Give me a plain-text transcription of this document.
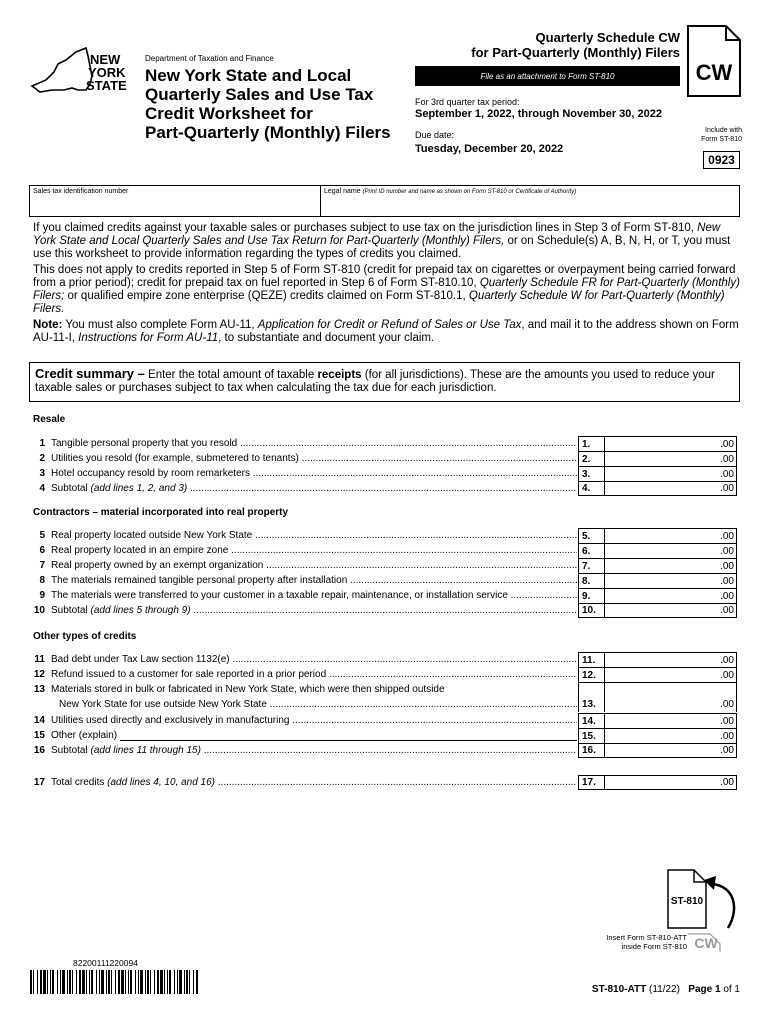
NEW
YORK
STATE
Department of Taxation and Finance
New York State and Local
Quarterly Sales and Use Tax
Credit Worksheet for
Part-Quarterly (Monthly) Filers
Quarterly Schedule CW
for Part-Quarterly (Monthly) Filers
CW
File as an attachment to Form ST-810
For 3rd quarter tax period:
September 1, 2022, through November 30, 2022
Due date:
Tuesday, December 20, 2022
Include with
Form ST-810
0923
Sales tax identification number	Legal name (Print ID number and name as shown on Form ST-810 or Certificate of Authority)

If you claimed credits against your taxable sales or purchases subject to use tax on the jurisdiction lines in Step 3 of Form ST-810, New York State and Local Quarterly Sales and Use Tax Return for Part-Quarterly (Monthly) Filers, or on Schedule(s) A, B, N, H, or T, you must use this worksheet to provide information regarding the types of credits you claimed.

This does not apply to credits reported in Step 5 of Form ST-810 (credit for prepaid tax on cigarettes or overpayment being carried forward from a prior period); credit for prepaid tax on fuel reported in Step 6 of Form ST-810.10, Quarterly Schedule FR for Part-Quarterly (Monthly) Filers; or qualified empire zone enterprise (QEZE) credits claimed on Form ST-810.1, Quarterly Schedule W for Part-Quarterly (Monthly) Filers.

Note: You must also complete Form AU-11, Application for Credit or Refund of Sales or Use Tax, and mail it to the address shown on Form AU-11-I, Instructions for Form AU-11, to substantiate and document your claim.

Credit summary – Enter the total amount of taxable receipts (for all jurisdictions). These are the amounts you used to reduce your taxable sales or purchases subject to tax when calculating the tax due for each jurisdiction.
Resale
Contractors – material incorporated into real property
Other types of credits
1 Tangible personal property that you resold .....	1.	.00
2 Utilities you resold (for example, submetered to tenants) .....	2.	.00
3 Hotel occupancy resold by room remarketers .....	3.	.00
4 Subtotal (add lines 1, 2, and 3) .....	4.	.00
5 Real property located outside New York State .....	5.	.00
6 Real property located in an empire zone .....	6.	.00
7 Real property owned by an exempt organization .....	7.	.00
8 The materials remained tangible personal property after installation .....	8.	.00
9 The materials were transferred to your customer in a taxable repair, maintenance, or installation service .....	9.	.00
10 Subtotal (add lines 5 through 9) .....	10.	.00
11 Bad debt under Tax Law section 1132(e) .....	11.	.00
12 Refund issued to a customer for sale reported in a prior period .....	12.	.00
13 Materials stored in bulk or fabricated in New York State, which were then shipped outside
New York State for use outside New York State .....	13.	.00
14 Utilities used directly and exclusively in manufacturing .....	14.	.00
15 Other (explain)	15.	.00
16 Subtotal (add lines 11 through 15) .....	16.	.00
17 Total credits (add lines 4, 10, and 16) .....	17.	.00
ST-810
CW
Insert Form ST-810-ATT
inside Form ST-810
82200111220094
ST-810-ATT (11/22) Page 1 of 1
